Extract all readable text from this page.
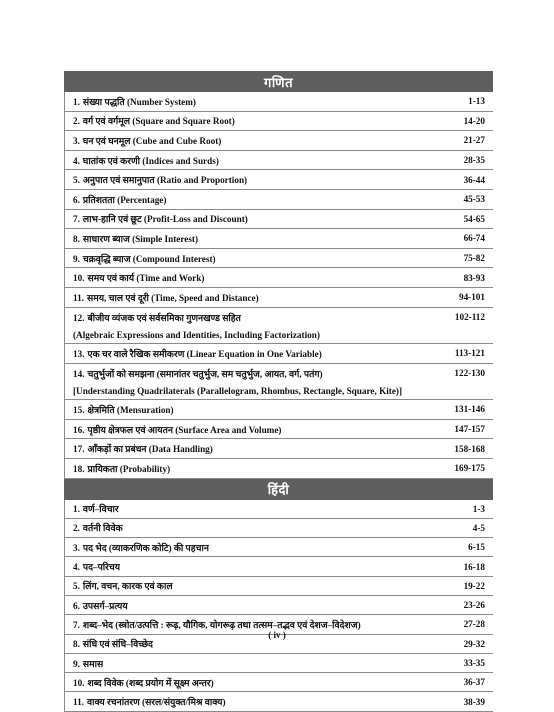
गणित
1. संख्या पद्धति (Number System)	1-13
2. वर्ग एवं वर्गमूल (Square and Square Root)	14-20
3. घन एवं घनमूल (Cube and Cube Root)	21-27
4. घातांक एवं करणी (Indices and Surds)	28-35
5. अनुपात एवं समानुपात (Ratio and Proportion)	36-44
6. प्रतिशतता (Percentage)	45-53
7. लाभ-हानि एवं छूट (Profit-Loss and Discount)	54-65
8. साधारण ब्याज (Simple Interest)	66-74
9. चक्रवृद्धि ब्याज (Compound Interest)	75-82
10. समय एवं कार्य (Time and Work)	83-93
11. समय, चाल एवं दूरी (Time, Speed and Distance)	94-101
12. बीजीय व्यंजक एवं सर्वसमिका गुणनखण्ड सहित
(Algebraic Expressions and Identities, Including Factorization)
102-112
13. एक चर वाले रैखिक समीकरण (Linear Equation in One Variable)	113-121
14. चतुर्भुजों को समझना (समानांतर चतुर्भुज, सम चतुर्भुज, आयत, वर्ग, पतंग)
[Understanding Quadrilaterals (Parallelogram, Rhombus, Rectangle, Square, Kite)]
122-130
15. क्षेत्रमिति (Mensuration)	131-146
16. पृष्ठीय क्षेत्रफल एवं आयतन (Surface Area and Volume)	147-157
17. आँकड़ों का प्रबंधन (Data Handling)	158-168
18. प्रायिकता (Probability)	169-175
हिंदी
1. वर्ण–विचार	1-3
2. वर्तनी विवेक	4-5
3. पद भेद (व्याकरणिक कोटि) की पहचान	6-15
4. पद–परिचय	16-18
5. लिंग, वचन, कारक एवं काल	19-22
6. उपसर्ग–प्रत्यय	23-26
7. शब्द–भेद (स्त्रोत/उत्पत्ति : रूढ़, यौगिक, योगरूढ़ तथा तत्सम–तद्भव एवं देशज–विदेशज)	27-28
8. संधि एवं संधि–विच्छेद	29-32
9. समास	33-35
10. शब्द विवेक (शब्द प्रयोग में सूक्ष्म अन्तर)	36-37
11. वाक्य रचनांतरण (सरल/संयुक्त/मिश्र वाक्य)	38-39
( iv )
